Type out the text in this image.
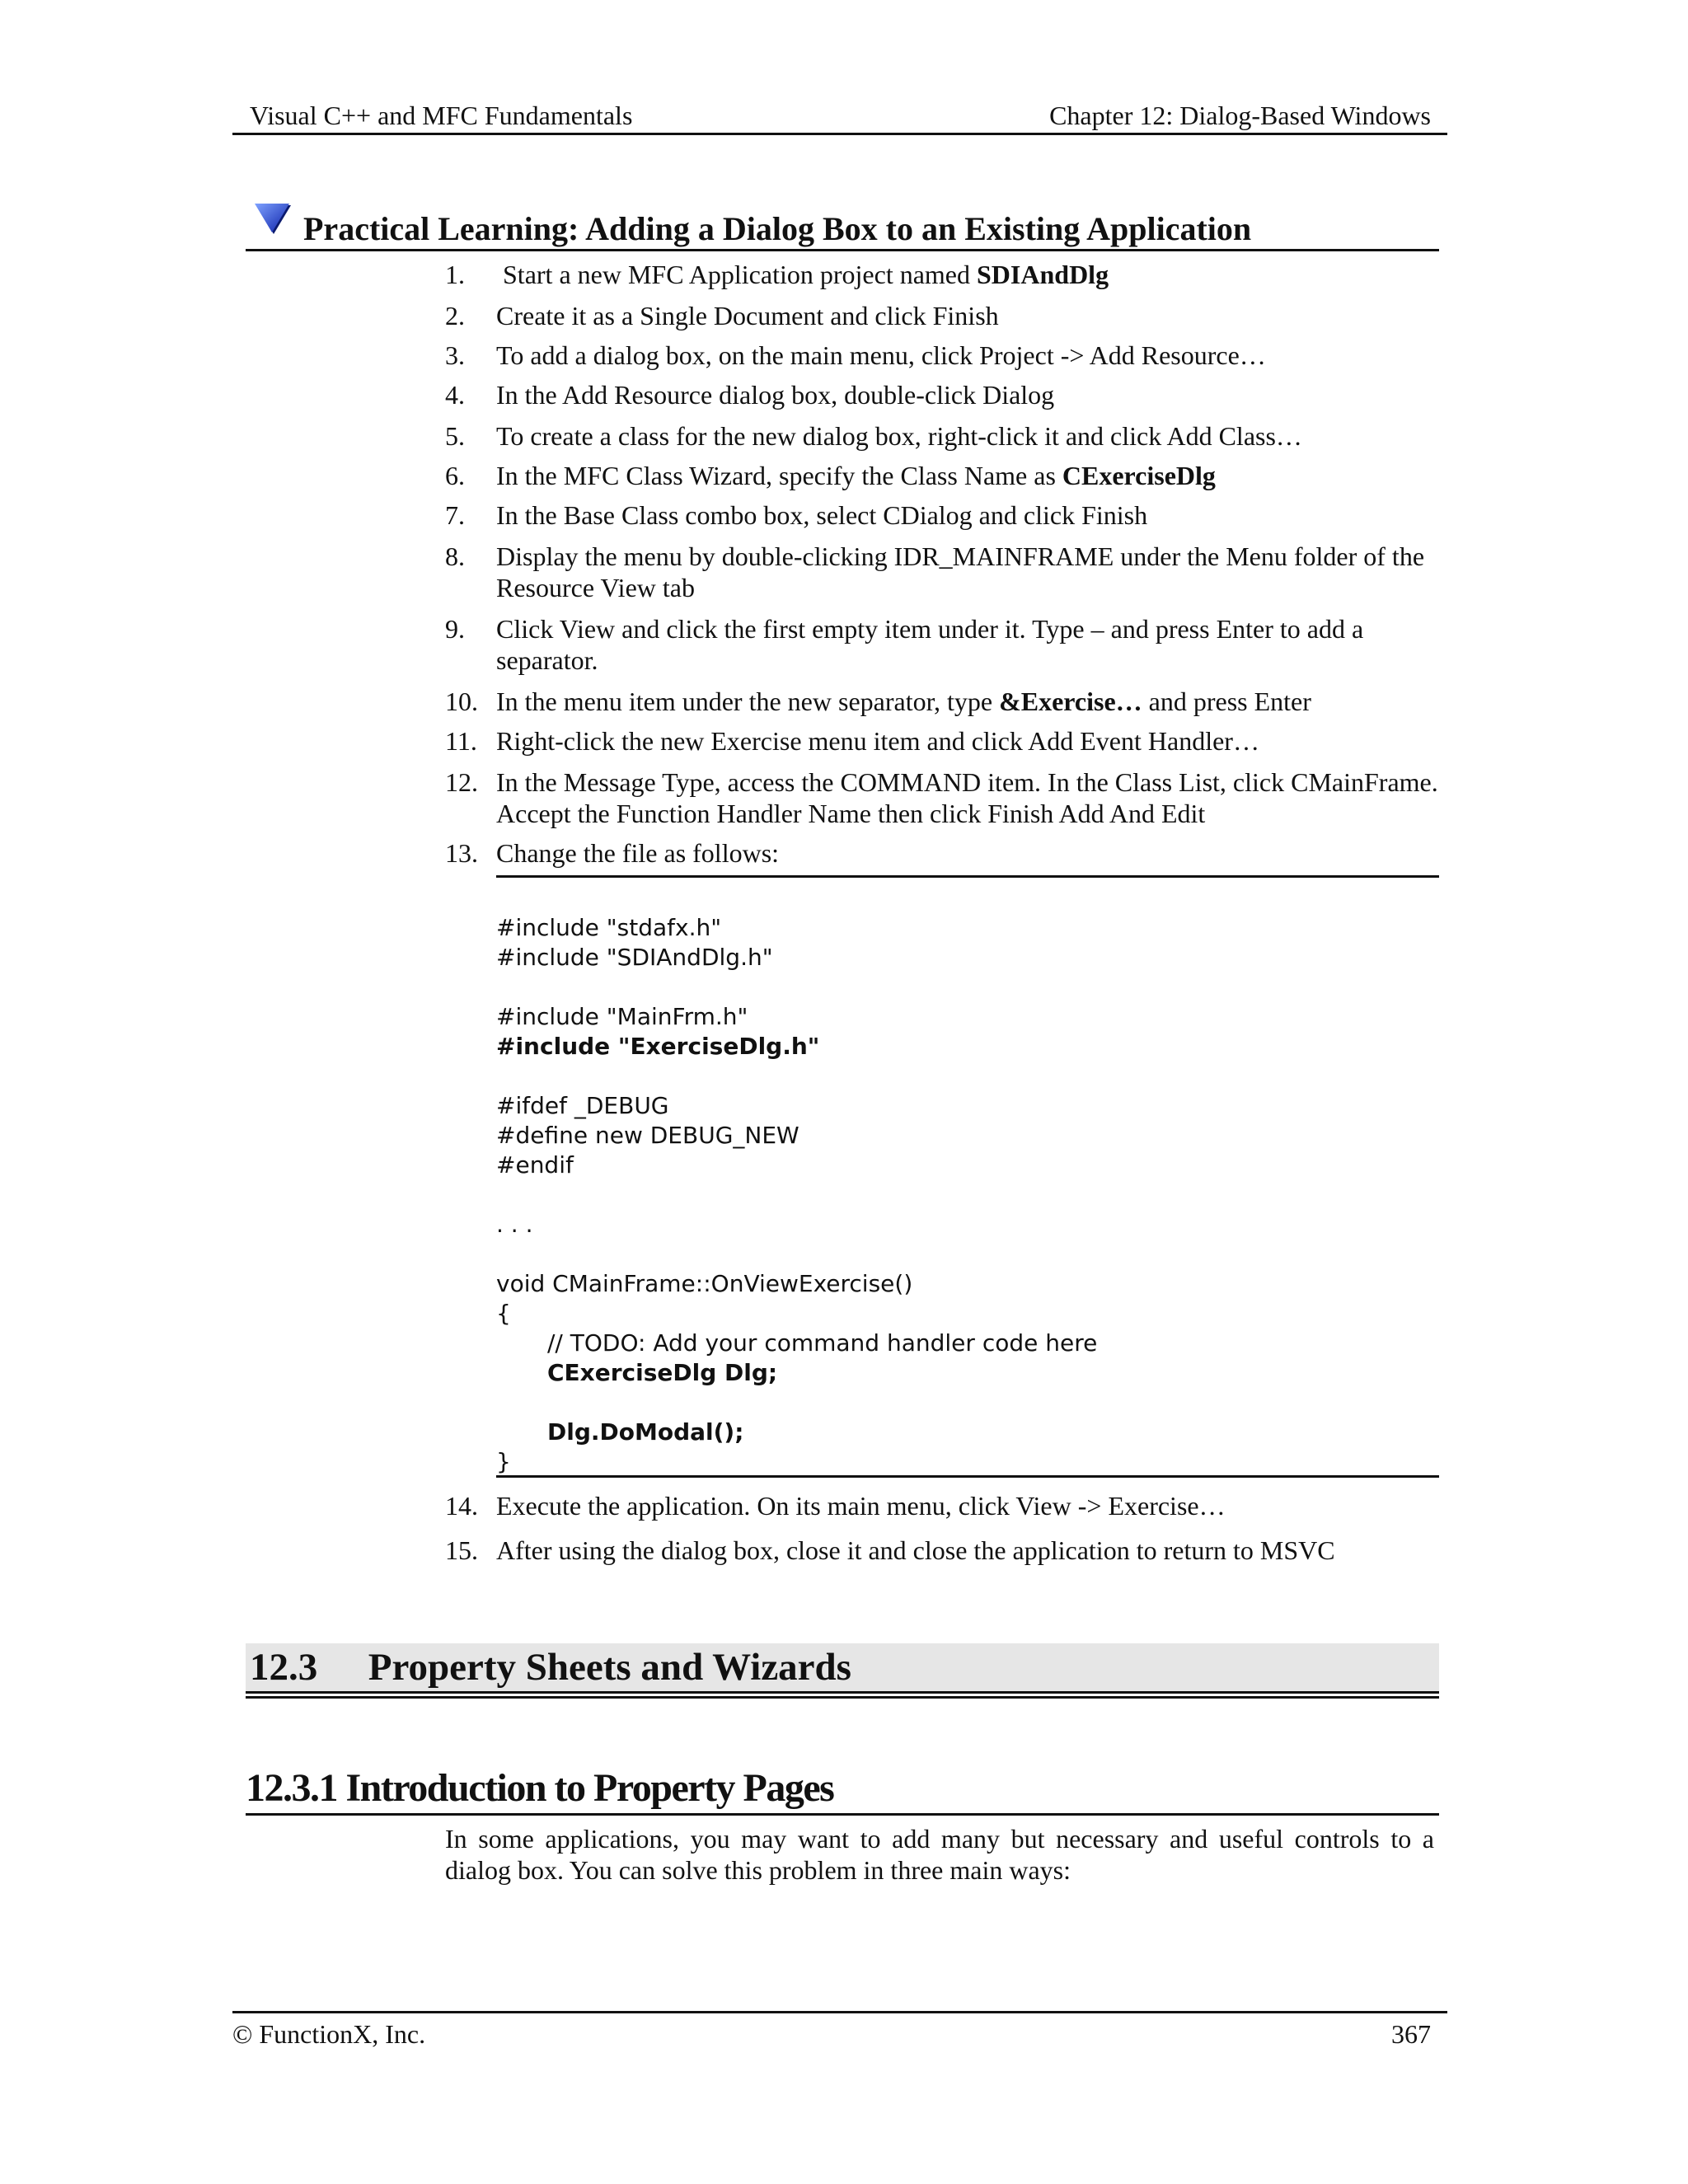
Visual C++ and MFC Fundamentals	Chapter 12: Dialog-Based Windows
Practical Learning: Adding a Dialog Box to an Existing Application
1.	Start a new MFC Application project named SDIAndDlg
2.	Create it as a Single Document and click Finish
3.	To add a dialog box, on the main menu, click Project -> Add Resource…
4.	In the Add Resource dialog box, double-click Dialog
5.	To create a class for the new dialog box, right-click it and click Add Class…
6.	In the MFC Class Wizard, specify the Class Name as CExerciseDlg
7.	In the Base Class combo box, select CDialog and click Finish
8.	Display the menu by double-clicking IDR_MAINFRAME under the Menu folder of the Resource View tab
9.	Click View and click the first empty item under it. Type – and press Enter to add a separator.
10. In the menu item under the new separator, type &Exercise… and press Enter
11. Right-click the new Exercise menu item and click Add Event Handler…
12. In the Message Type, access the COMMAND item. In the Class List, click CMainFrame. Accept the Function Handler Name then click Finish Add And Edit
13. Change the file as follows:
#include "stdafx.h"
#include "SDIAndDlg.h"
#include "MainFrm.h"
#include "ExerciseDlg.h"
#ifdef _DEBUG
#define new DEBUG_NEW
#endif
. . .
void CMainFrame::OnViewExercise()
{
// TODO: Add your command handler code here
CExerciseDlg Dlg;
Dlg.DoModal();
}
14. Execute the application. On its main menu, click View -> Exercise…
15. After using the dialog box, close it and close the application to return to MSVC
12.3 Property Sheets and Wizards
12.3.1 Introduction to Property Pages
In some applications, you may want to add many but necessary and useful controls to a dialog box. You can solve this problem in three main ways:
© FunctionX, Inc.	367
